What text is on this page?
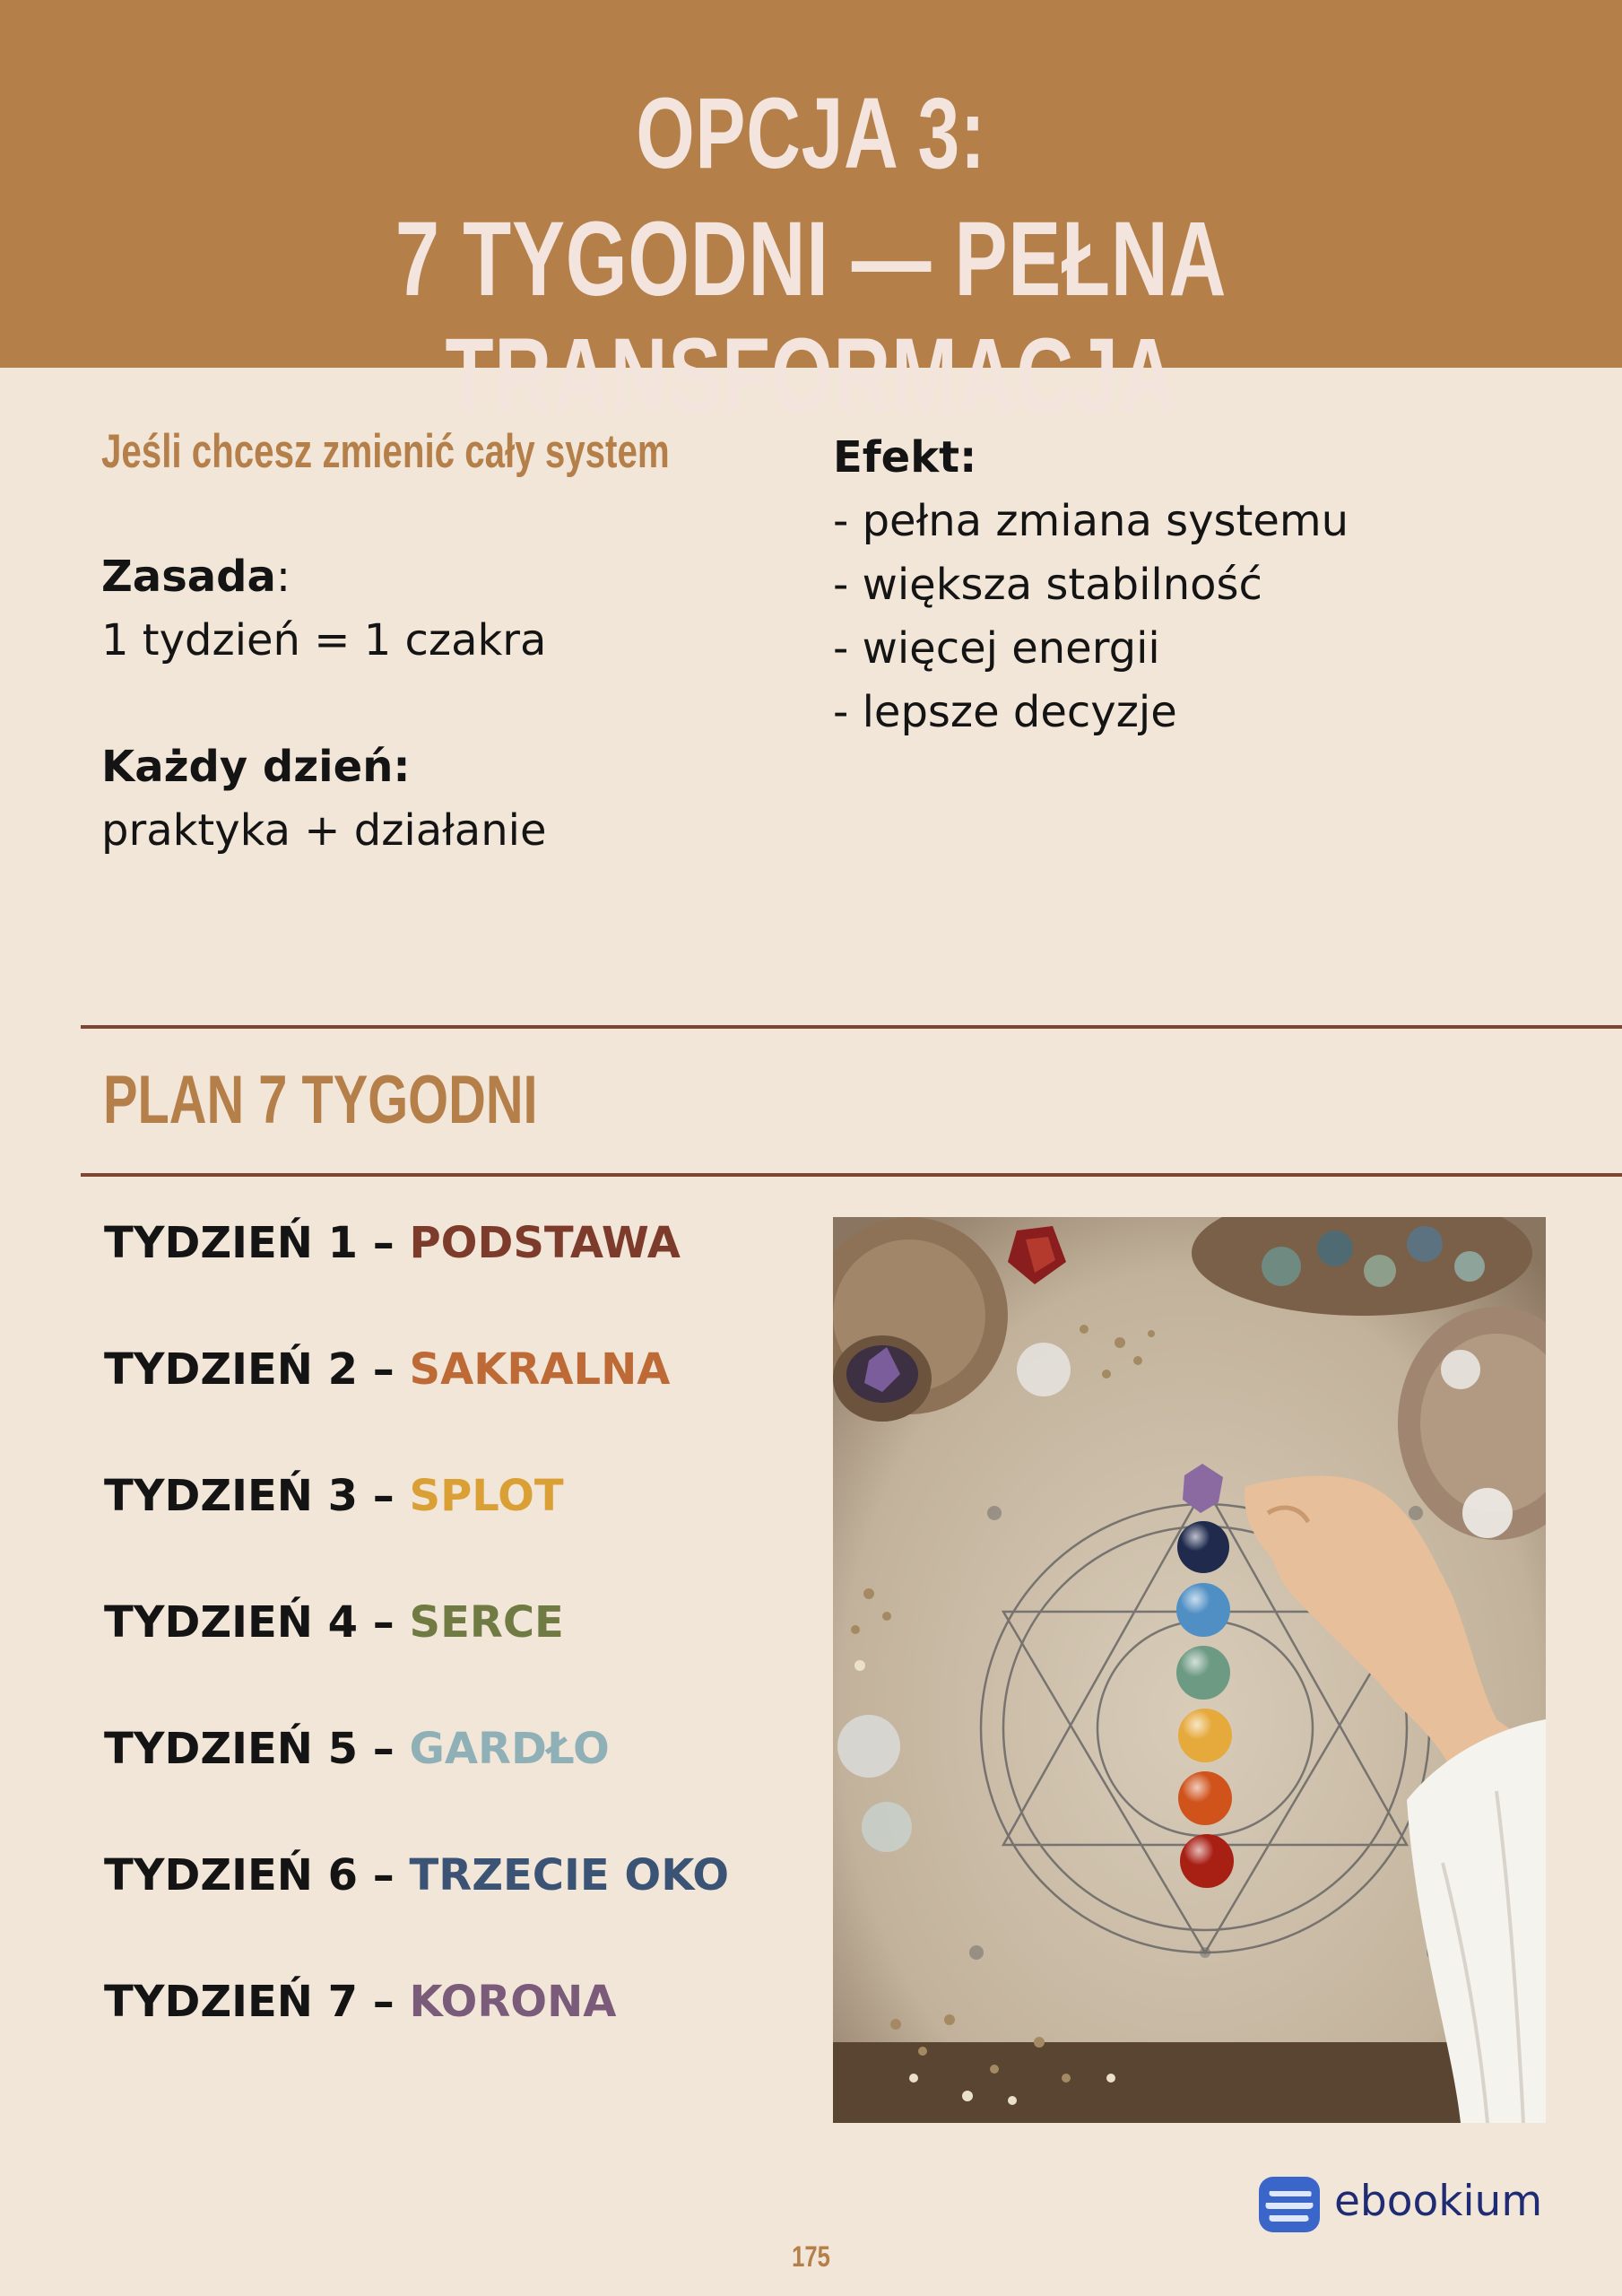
OPCJA 3:
7 TYGODNI — PEŁNA TRANSFORMACJA
Jeśli chcesz zmienić cały system
Zasada:
1 tydzień = 1 czakra
Każdy dzień:
praktyka + działanie
Efekt:
- pełna zmiana systemu
- większa stabilność
- więcej energii
- lepsze decyzje
PLAN 7 TYGODNI
TYDZIEŃ 1 – PODSTAWA
TYDZIEŃ 2 – SAKRALNA
TYDZIEŃ 3 – SPLOT
TYDZIEŃ 4 – SERCE
TYDZIEŃ 5 – GARDŁO
TYDZIEŃ 6 – TRZECIE OKO
TYDZIEŃ 7 – KORONA
ebookium
175
